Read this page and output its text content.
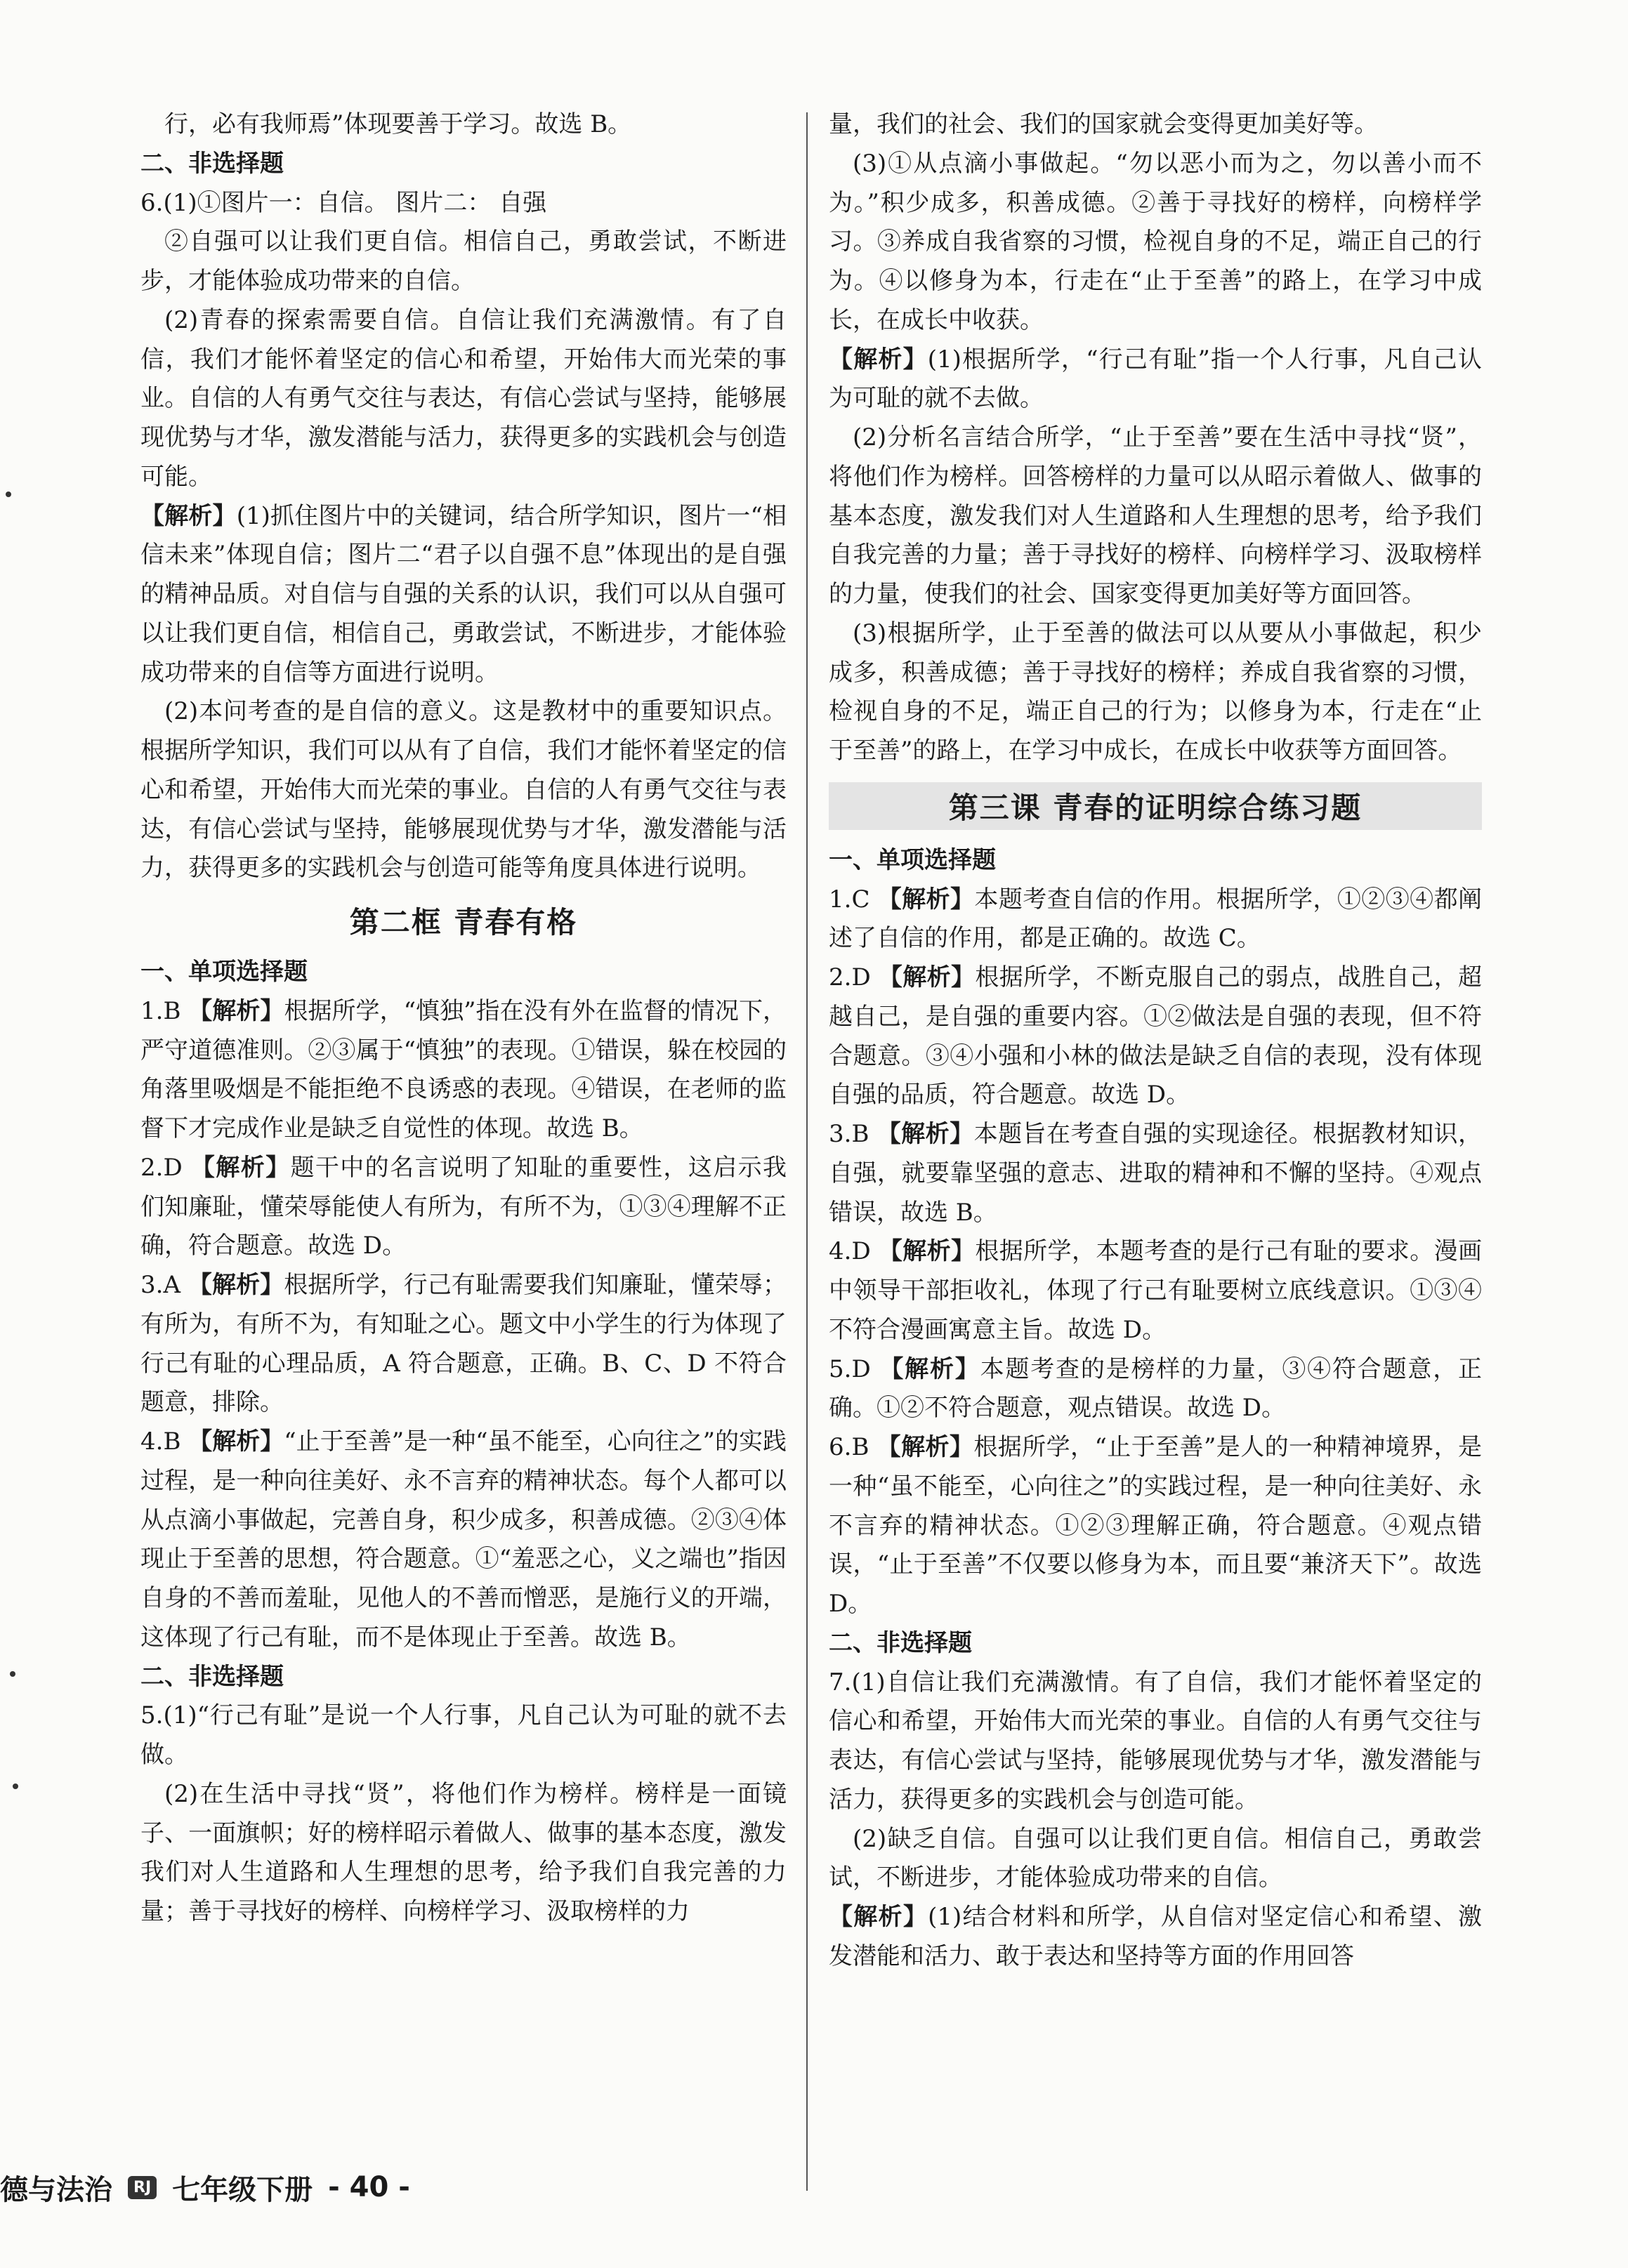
行，必有我师焉”体现要善于学习。故选 B。

二、非选择题

6.(1)①图片一：自信。 图片二： 自强

②自强可以让我们更自信。相信自己，勇敢尝试，不断进步，才能体验成功带来的自信。

(2)青春的探索需要自信。自信让我们充满激情。有了自信，我们才能怀着坚定的信心和希望，开始伟大而光荣的事业。自信的人有勇气交往与表达，有信心尝试与坚持，能够展现优势与才华，激发潜能与活力，获得更多的实践机会与创造可能。

【解析】(1)抓住图片中的关键词，结合所学知识，图片一“相信未来”体现自信；图片二“君子以自强不息”体现出的是自强的精神品质。对自信与自强的关系的认识，我们可以从自强可以让我们更自信，相信自己，勇敢尝试，不断进步，才能体验成功带来的自信等方面进行说明。

(2)本问考查的是自信的意义。这是教材中的重要知识点。根据所学知识，我们可以从有了自信，我们才能怀着坚定的信心和希望，开始伟大而光荣的事业。自信的人有勇气交往与表达，有信心尝试与坚持，能够展现优势与才华，激发潜能与活力，获得更多的实践机会与创造可能等角度具体进行说明。

第二框 青春有格

一、单项选择题

1.B 【解析】根据所学，“慎独”指在没有外在监督的情况下，严守道德准则。②③属于“慎独”的表现。①错误，躲在校园的角落里吸烟是不能拒绝不良诱惑的表现。④错误，在老师的监督下才完成作业是缺乏自觉性的体现。故选 B。

2.D 【解析】题干中的名言说明了知耻的重要性，这启示我们知廉耻，懂荣辱能使人有所为，有所不为，①③④理解不正确，符合题意。故选 D。

3.A 【解析】根据所学，行己有耻需要我们知廉耻，懂荣辱；有所为，有所不为，有知耻之心。题文中小学生的行为体现了行己有耻的心理品质，A 符合题意，正确。B、C、D 不符合题意，排除。

4.B 【解析】“止于至善”是一种“虽不能至，心向往之”的实践过程，是一种向往美好、永不言弃的精神状态。每个人都可以从点滴小事做起，完善自身，积少成多，积善成德。②③④体现止于至善的思想，符合题意。①“羞恶之心，义之端也”指因自身的不善而羞耻，见他人的不善而憎恶，是施行义的开端，这体现了行己有耻，而不是体现止于至善。故选 B。

二、非选择题

5.(1)“行己有耻”是说一个人行事，凡自己认为可耻的就不去做。

(2)在生活中寻找“贤”，将他们作为榜样。榜样是一面镜子、一面旗帜；好的榜样昭示着做人、做事的基本态度，激发我们对人生道路和人生理想的思考，给予我们自我完善的力量；善于寻找好的榜样、向榜样学习、汲取榜样的力

量，我们的社会、我们的国家就会变得更加美好等。

(3)①从点滴小事做起。“勿以恶小而为之，勿以善小而不为。”积少成多，积善成德。②善于寻找好的榜样，向榜样学习。③养成自我省察的习惯，检视自身的不足，端正自己的行为。④以修身为本，行走在“止于至善”的路上，在学习中成长，在成长中收获。

【解析】(1)根据所学，“行己有耻”指一个人行事，凡自己认为可耻的就不去做。

(2)分析名言结合所学，“止于至善”要在生活中寻找“贤”，将他们作为榜样。回答榜样的力量可以从昭示着做人、做事的基本态度，激发我们对人生道路和人生理想的思考，给予我们自我完善的力量；善于寻找好的榜样、向榜样学习、汲取榜样的力量，使我们的社会、国家变得更加美好等方面回答。

(3)根据所学，止于至善的做法可以从要从小事做起，积少成多，积善成德；善于寻找好的榜样；养成自我省察的习惯，检视自身的不足，端正自己的行为；以修身为本，行走在“止于至善”的路上，在学习中成长，在成长中收获等方面回答。

第三课 青春的证明综合练习题

一、单项选择题

1.C 【解析】本题考查自信的作用。根据所学，①②③④都阐述了自信的作用，都是正确的。故选 C。

2.D 【解析】根据所学，不断克服自己的弱点，战胜自己，超越自己，是自强的重要内容。①②做法是自强的表现，但不符合题意。③④小强和小林的做法是缺乏自信的表现，没有体现自强的品质，符合题意。故选 D。

3.B 【解析】本题旨在考查自强的实现途径。根据教材知识，自强，就要靠坚强的意志、进取的精神和不懈的坚持。④观点错误，故选 B。

4.D 【解析】根据所学，本题考查的是行己有耻的要求。漫画中领导干部拒收礼，体现了行己有耻要树立底线意识。①③④不符合漫画寓意主旨。故选 D。

5.D 【解析】本题考查的是榜样的力量，③④符合题意，正确。①②不符合题意，观点错误。故选 D。

6.B 【解析】根据所学，“止于至善”是人的一种精神境界，是一种“虽不能至，心向往之”的实践过程，是一种向往美好、永不言弃的精神状态。①②③理解正确，符合题意。④观点错误，“止于至善”不仅要以修身为本，而且要“兼济天下”。故选 D。

二、非选择题

7.(1)自信让我们充满激情。有了自信，我们才能怀着坚定的信心和希望，开始伟大而光荣的事业。自信的人有勇气交往与表达，有信心尝试与坚持，能够展现优势与才华，激发潜能与活力，获得更多的实践机会与创造可能。

(2)缺乏自信。自强可以让我们更自信。相信自己，勇敢尝试，不断进步，才能体验成功带来的自信。

【解析】(1)结合材料和所学，从自信对坚定信心和希望、激发潜能和活力、敢于表达和坚持等方面的作用回答

德与法治	RJ 七年级下册 - 40 -
